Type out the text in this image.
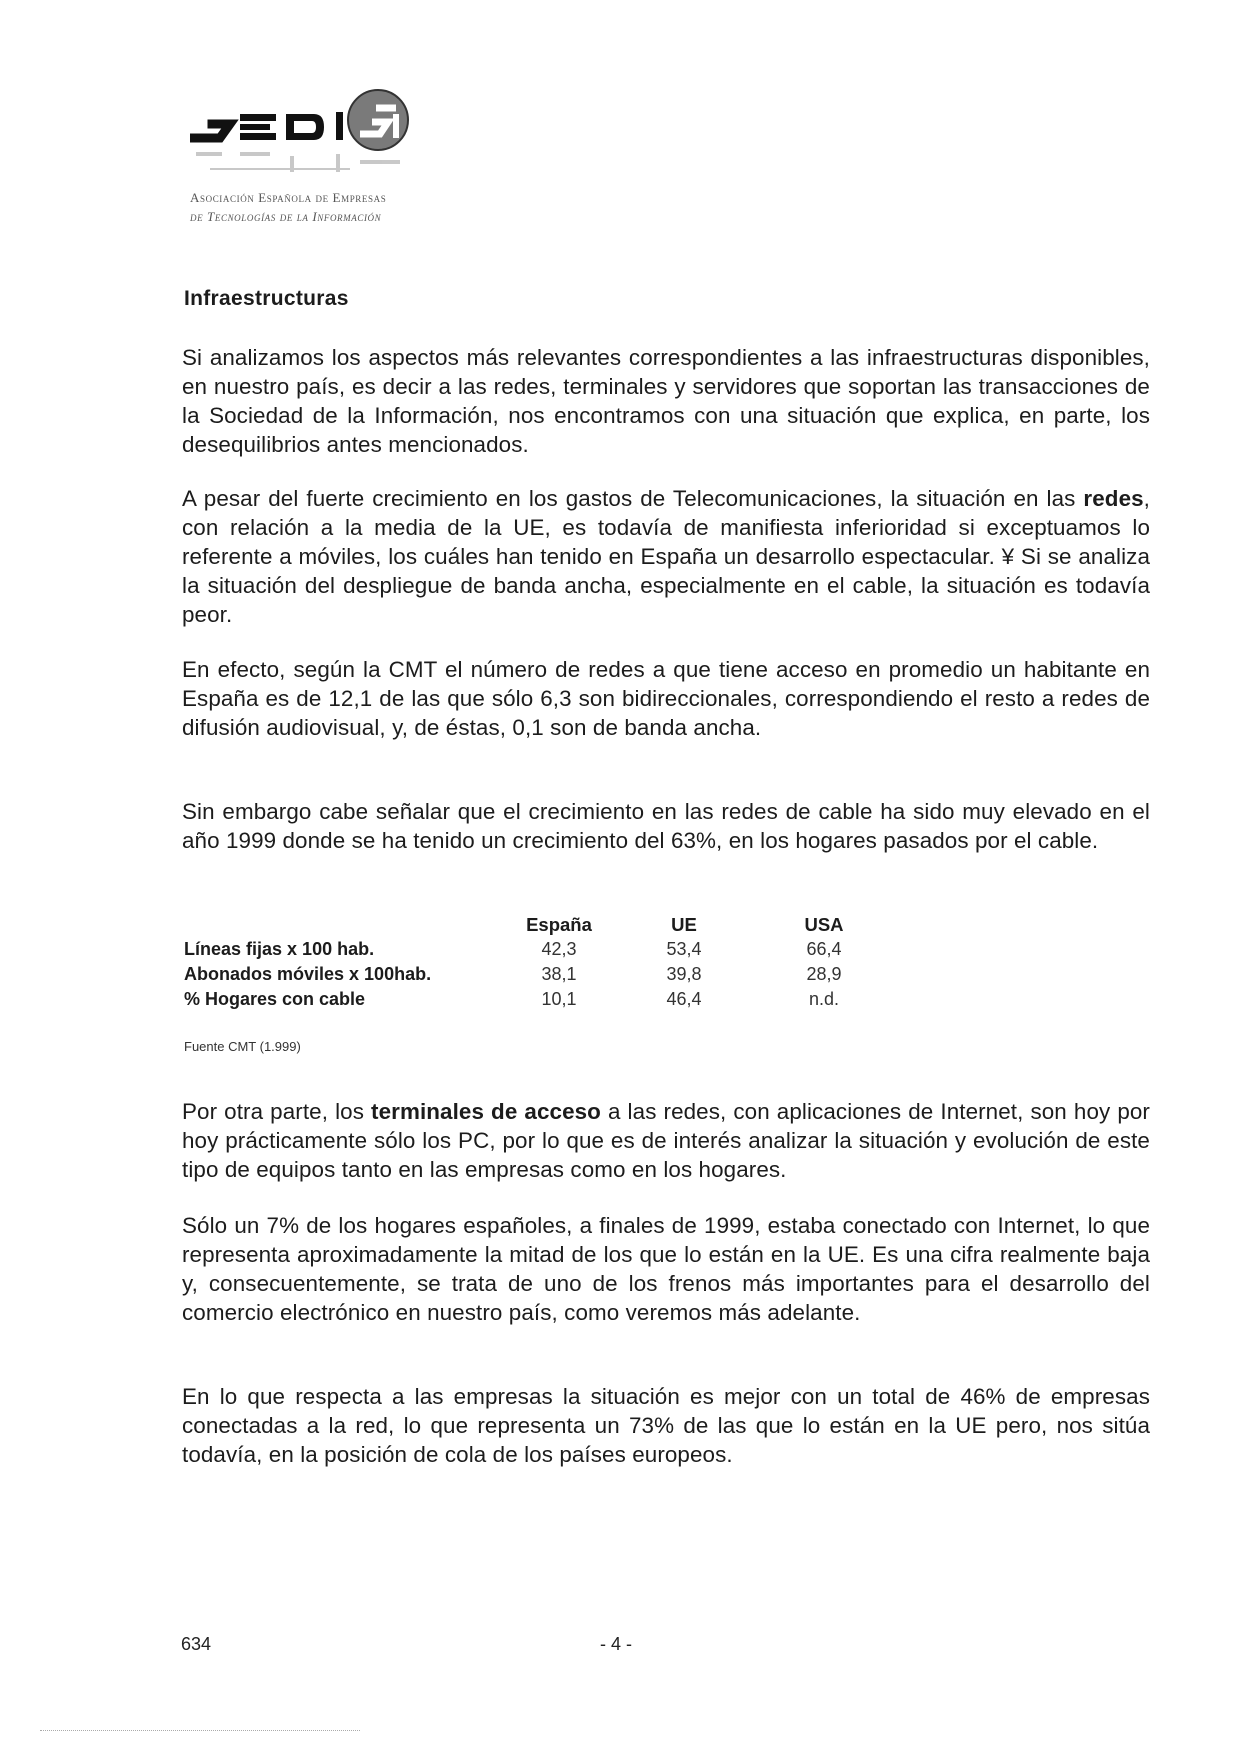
Asociación Española de Empresas
de Tecnologías de la Información
Infraestructuras

Si analizamos los aspectos más relevantes correspondientes a las infraestructuras disponibles, en nuestro país, es decir a las redes, terminales y servidores que soportan las transacciones de la Sociedad de la Información, nos encontramos con una situación que explica, en parte, los desequilibrios antes mencionados.

A pesar del fuerte crecimiento en los gastos de Telecomunicaciones, la situación en las redes, con relación a la media de la UE, es todavía de manifiesta inferioridad si exceptuamos lo referente a móviles, los cuáles han tenido en España un desarrollo espectacular. ¥ Si se analiza la situación del despliegue de banda ancha, especialmente en el cable, la situación es todavía peor.

En efecto, según la CMT el número de redes a que tiene acceso en promedio un habitante en España es de 12,1 de las que sólo 6,3 son bidireccionales, correspondiendo el resto a redes de difusión audiovisual, y, de éstas, 0,1 son de banda ancha.

Sin embargo cabe señalar que el crecimiento en las redes de cable ha sido muy elevado en el año 1999 donde se ha tenido un crecimiento del 63%, en los hogares pasados por el cable.

	España	UE	USA
Líneas fijas x 100 hab.	42,3	53,4	66,4
Abonados móviles x 100hab.	38,1	39,8	28,9
% Hogares con cable	10,1	46,4	n.d.

Fuente CMT (1.999)

Por otra parte, los terminales de acceso a las redes, con aplicaciones de Internet, son hoy por hoy prácticamente sólo los PC, por lo que es de interés analizar la situación y evolución de este tipo de equipos tanto en las empresas como en los hogares.

Sólo un 7% de los hogares españoles, a finales de 1999, estaba conectado con Internet, lo que representa aproximadamente la mitad de los que lo están en la UE. Es una cifra realmente baja y, consecuentemente, se trata de uno de los frenos más importantes para el desarrollo del comercio electrónico en nuestro país, como veremos más adelante.

En lo que respecta a las empresas la situación es mejor con un total de 46% de empresas conectadas a la red, lo que representa un 73% de las que lo están en la UE pero, nos sitúa todavía, en la posición de cola de los países europeos.

634	- 4 -
